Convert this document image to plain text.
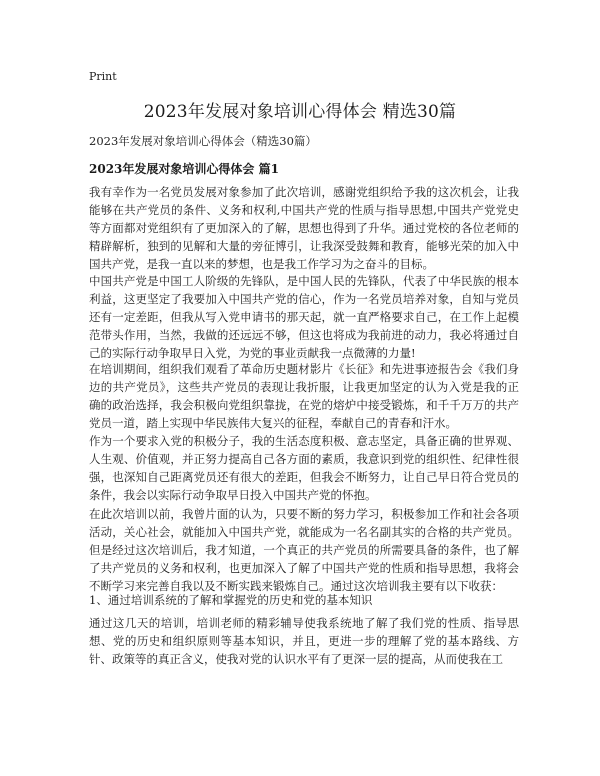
Print
2023年发展对象培训心得体会 精选30篇
2023年发展对象培训心得体会（精选30篇）
2023年发展对象培训心得体会 篇1

我有幸作为一名党员发展对象参加了此次培训，感谢党组织给予我的这次机会，让我能够在共产党员的条件、义务和权利,中国共产党的性质与指导思想,中国共产党党史等方面都对党组织有了更加深入的了解，思想也得到了升华。通过党校的各位老师的精辟解析，独到的见解和大量的旁征博引，让我深受鼓舞和教育，能够光荣的加入中国共产党，是我一直以来的梦想，也是我工作学习为之奋斗的目标。

中国共产党是中国工人阶级的先锋队，是中国人民的先锋队，代表了中华民族的根本利益，这更坚定了我要加入中国共产党的信心，作为一名党员培养对象，自知与党员还有一定差距，但我从写入党申请书的那天起，就一直严格要求自己，在工作上起模范带头作用，当然，我做的还远远不够，但这也将成为我前进的动力，我必将通过自己的实际行动争取早日入党，为党的事业贡献我一点微薄的力量!

在培训期间，组织我们观看了革命历史题材影片《长征》和先进事迹报告会《我们身边的共产党员》，这些共产党员的表现让我折服，让我更加坚定的认为入党是我的正确的政治选择，我会积极向党组织靠拢，在党的熔炉中接受锻炼，和千千万万的共产党员一道，踏上实现中华民族伟大复兴的征程，奉献自己的青春和汗水。

作为一个要求入党的积极分子，我的生活态度积极、意志坚定，具备正确的世界观、人生观、价值观，并正努力提高自己各方面的素质，我意识到党的组织性、纪律性很强，也深知自己距离党员还有很大的差距，但我会不断努力，让自己早日符合党员的条件，我会以实际行动争取早日投入中国共产党的怀抱。

在此次培训以前，我曾片面的认为，只要不断的努力学习，积极参加工作和社会各项活动，关心社会，就能加入中国共产党，就能成为一名名副其实的合格的共产党员。但是经过这次培训后，我才知道，一个真正的共产党员的所需要具备的条件，也了解了共产党员的义务和权利，也更加深入了解了中国共产党的性质和指导思想，我将会不断学习来完善自我以及不断实践来锻炼自己。通过这次培训我主要有以下收获：

1、通过培训系统的了解和掌握党的历史和党的基本知识

通过这几天的培训，培训老师的精彩辅导使我系统地了解了我们党的性质、指导思想、党的历史和组织原则等基本知识，并且，更进一步的理解了党的基本路线、方针、政策等的真正含义，使我对党的认识水平有了更深一层的提高，从而使我在工
